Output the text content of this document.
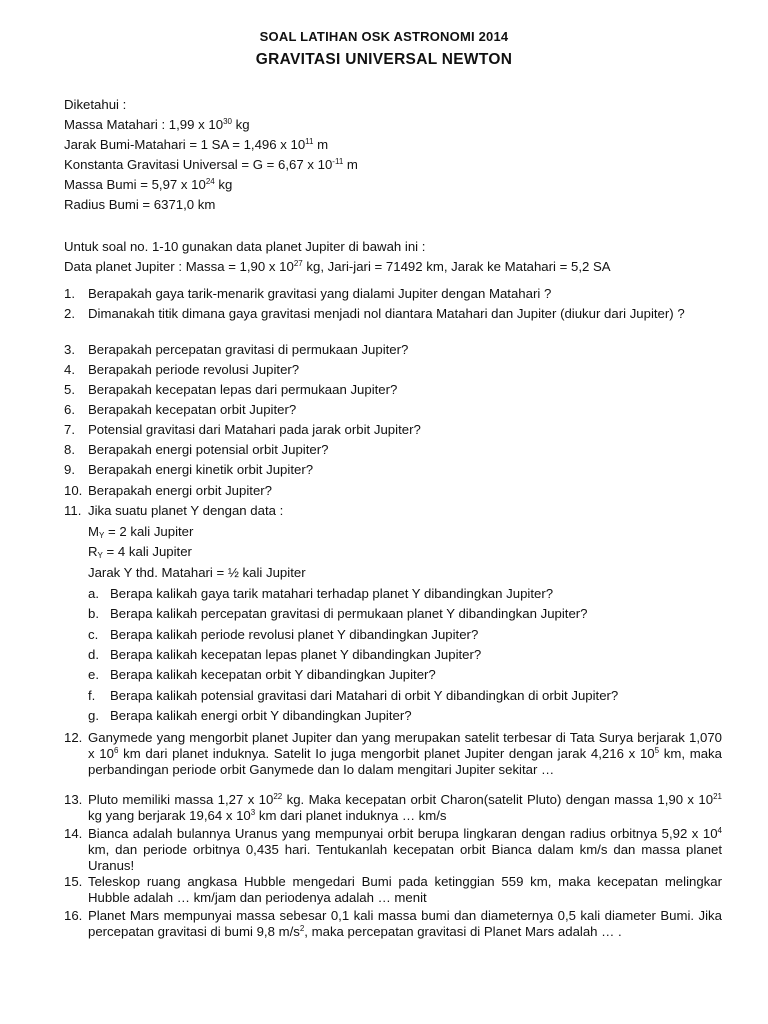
SOAL LATIHAN OSK ASTRONOMI 2014
GRAVITASI UNIVERSAL NEWTON
Diketahui :
Massa Matahari : 1,99 x $10^{30}$ kg
Jarak Bumi-Matahari = 1 SA = 1,496 x $10^{11}$ m
Konstanta Gravitasi Universal = G = 6,67 x $10^{-11}$ m
Massa Bumi = 5,97 x $10^{24}$ kg
Radius Bumi = 6371,0 km
Untuk soal no. 1-10 gunakan data planet Jupiter di bawah ini :
Data planet Jupiter : Massa = 1,90 x $10^{27}$ kg, Jari-jari = 71492 km, Jarak ke Matahari = 5,2 SA
1. Berapakah gaya tarik-menarik gravitasi yang dialami Jupiter dengan Matahari ?
2. Dimanakah titik dimana gaya gravitasi menjadi nol diantara Matahari dan Jupiter (diukur dari Jupiter) ?
3. Berapakah percepatan gravitasi di permukaan Jupiter?
4. Berapakah periode revolusi Jupiter?
5. Berapakah kecepatan lepas dari permukaan Jupiter?
6. Berapakah kecepatan orbit Jupiter?
7. Potensial gravitasi dari Matahari pada jarak orbit Jupiter?
8. Berapakah energi potensial orbit Jupiter?
9. Berapakah energi kinetik orbit Jupiter?
10. Berapakah energi orbit Jupiter?
11. Jika suatu planet Y dengan data :
$M_Y = 2$ kali Jupiter
$R_Y = 4$ kali Jupiter
Jarak Y thd. Matahari = ½ kali Jupiter
a. Berapa kalikah gaya tarik matahari terhadap planet Y dibandingkan Jupiter?
b. Berapa kalikah percepatan gravitasi di permukaan planet Y dibandingkan Jupiter?
c. Berapa kalikah periode revolusi planet Y dibandingkan Jupiter?
d. Berapa kalikah kecepatan lepas planet Y dibandingkan Jupiter?
e. Berapa kalikah kecepatan orbit Y dibandingkan Jupiter?
f. Berapa kalikah potensial gravitasi dari Matahari di orbit Y dibandingkan di orbit Jupiter?
g. Berapa kalikah energi orbit Y dibandingkan Jupiter?
12. Ganymede yang mengorbit planet Jupiter dan yang merupakan satelit terbesar di Tata Surya berjarak 1,070 x $10^6$ km dari planet induknya. Satelit Io juga mengorbit planet Jupiter dengan jarak 4,216 x $10^5$ km, maka perbandingan periode orbit Ganymede dan Io dalam mengitari Jupiter sekitar …
13. Pluto memiliki massa 1,27 x $10^{22}$ kg. Maka kecepatan orbit Charon(satelit Pluto) dengan massa 1,90 x $10^{21}$ kg yang berjarak 19,64 x $10^3$ km dari planet induknya … km/s
14. Bianca adalah bulannya Uranus yang mempunyai orbit berupa lingkaran dengan radius orbitnya 5,92 x $10^4$ km, dan periode orbitnya 0,435 hari. Tentukanlah kecepatan orbit Bianca dalam km/s dan massa planet Uranus!
15. Teleskop ruang angkasa Hubble mengedari Bumi pada ketinggian 559 km, maka kecepatan melingkar Hubble adalah … km/jam dan periodenya adalah … menit
16. Planet Mars mempunyai massa sebesar 0,1 kali massa bumi dan diameternya 0,5 kali diameter Bumi. Jika percepatan gravitasi di bumi 9,8 $m/s^2$, maka percepatan gravitasi di Planet Mars adalah … .
